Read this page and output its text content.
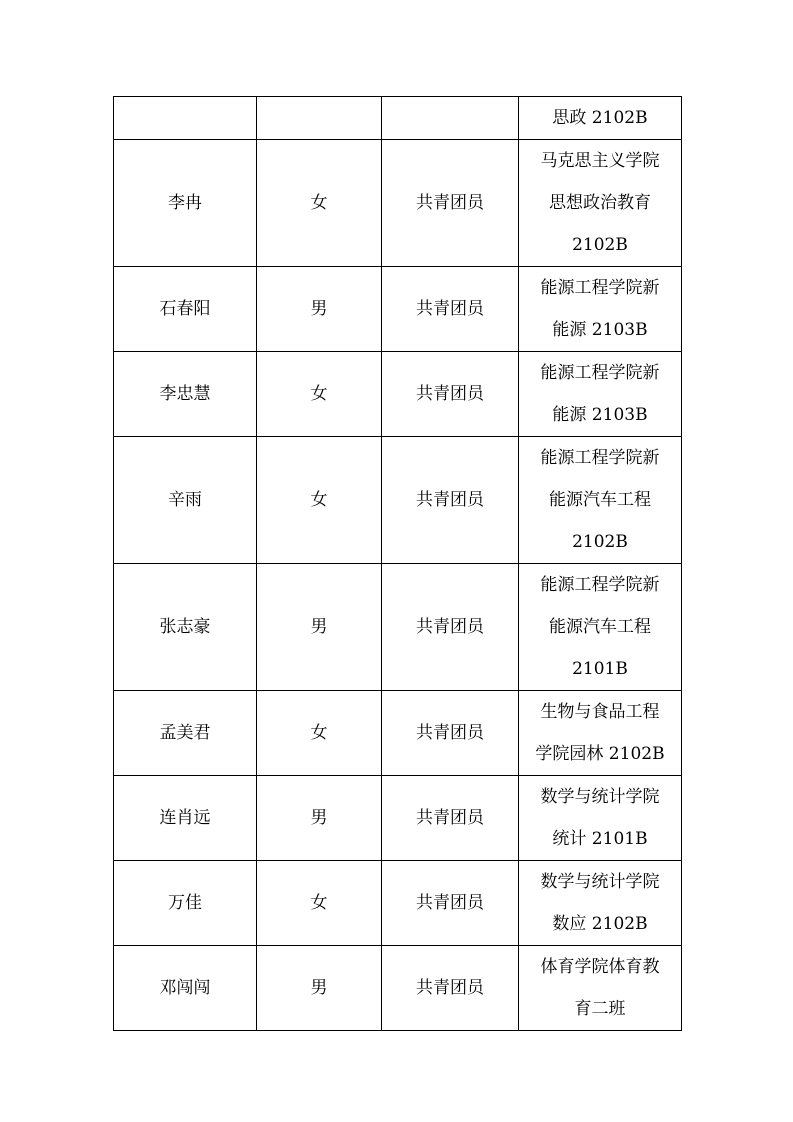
			思政 2102B

李冉	女	共青团员	马克思主义学院
思想政治教育
2102B

石春阳	男	共青团员	能源工程学院新
能源 2103B

李忠慧	女	共青团员	能源工程学院新
能源 2103B

辛雨	女	共青团员	能源工程学院新
能源汽车工程
2102B

张志豪	男	共青团员	能源工程学院新
能源汽车工程
2101B

孟美君	女	共青团员	生物与食品工程
学院园林 2102B

连肖远	男	共青团员	数学与统计学院
统计 2101B

万佳	女	共青团员	数学与统计学院
数应 2102B

邓闯闯	男	共青团员	体育学院体育教
育二班
